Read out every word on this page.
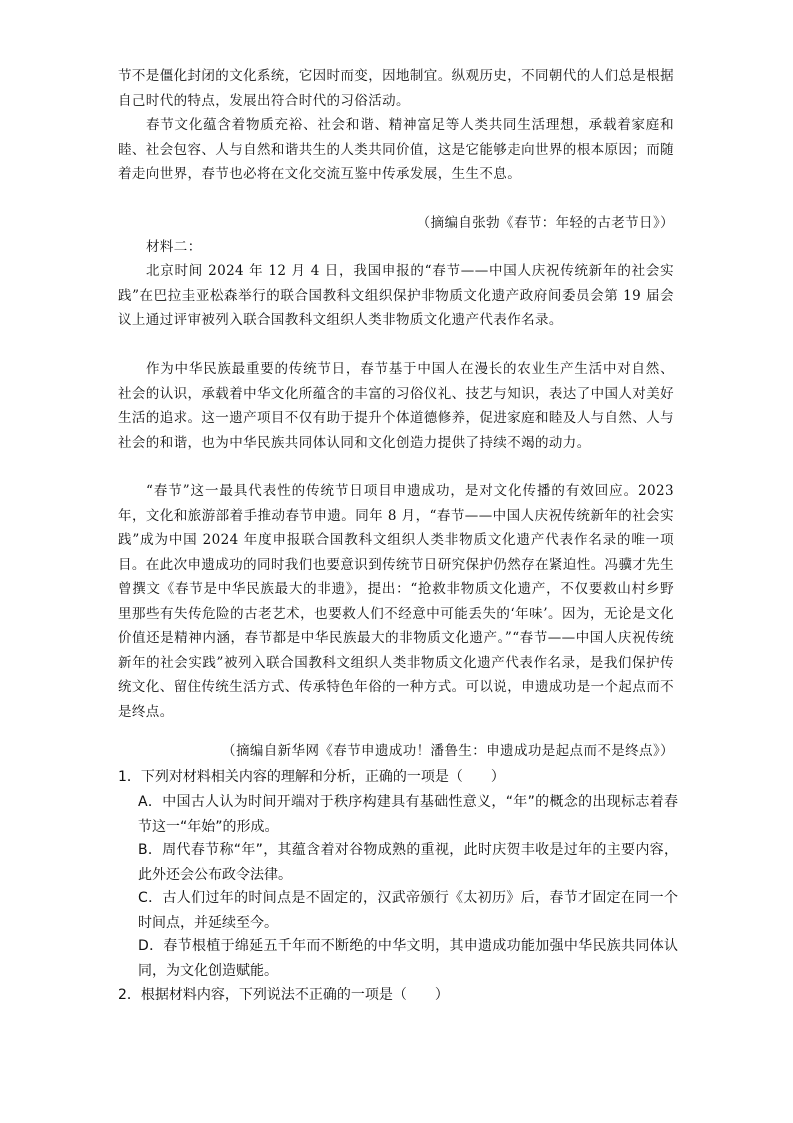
节不是僵化封闭的文化系统，它因时而变，因地制宜。纵观历史，不同朝代的人们总是根据自己时代的特点，发展出符合时代的习俗活动。

春节文化蕴含着物质充裕、社会和谐、精神富足等人类共同生活理想，承载着家庭和睦、社会包容、人与自然和谐共生的人类共同价值，这是它能够走向世界的根本原因；而随着走向世界，春节也必将在文化交流互鉴中传承发展，生生不息。

（摘编自张勃《春节：年轻的古老节日》）

材料二：

北京时间 2024 年 12 月 4 日，我国申报的“春节——中国人庆祝传统新年的社会实践”在巴拉圭亚松森举行的联合国教科文组织保护非物质文化遗产政府间委员会第 19 届会议上通过评审被列入联合国教科文组织人类非物质文化遗产代表作名录。

作为中华民族最重要的传统节日，春节基于中国人在漫长的农业生产生活中对自然、社会的认识，承载着中华文化所蕴含的丰富的习俗仪礼、技艺与知识，表达了中国人对美好生活的追求。这一遗产项目不仅有助于提升个体道德修养，促进家庭和睦及人与自然、人与社会的和谐，也为中华民族共同体认同和文化创造力提供了持续不竭的动力。

“春节”这一最具代表性的传统节日项目申遗成功，是对文化传播的有效回应。2023 年，文化和旅游部着手推动春节申遗。同年 8 月，“春节——中国人庆祝传统新年的社会实践”成为中国 2024 年度申报联合国教科文组织人类非物质文化遗产代表作名录的唯一项目。在此次申遗成功的同时我们也要意识到传统节日研究保护仍然存在紧迫性。冯骥才先生曾撰文《春节是中华民族最大的非遗》，提出：“抢救非物质文化遗产，不仅要救山村乡野里那些有失传危险的古老艺术，也要救人们不经意中可能丢失的‘年味’。因为，无论是文化价值还是精神内涵，春节都是中华民族最大的非物质文化遗产。”“春节——中国人庆祝传统新年的社会实践”被列入联合国教科文组织人类非物质文化遗产代表作名录，是我们保护传统文化、留住传统生活方式、传承特色年俗的一种方式。可以说，申遗成功是一个起点而不是终点。

（摘编自新华网《春节申遗成功！潘鲁生：申遗成功是起点而不是终点》）

1．下列对材料相关内容的理解和分析，正确的一项是（　　）

A．中国古人认为时间开端对于秩序构建具有基础性意义，“年”的概念的出现标志着春节这一“年始”的形成。

B．周代春节称“年”，其蕴含着对谷物成熟的重视，此时庆贺丰收是过年的主要内容，此外还会公布政令法律。

C．古人们过年的时间点是不固定的，汉武帝颁行《太初历》后，春节才固定在同一个时间点，并延续至今。

D．春节根植于绵延五千年而不断绝的中华文明，其申遗成功能加强中华民族共同体认同，为文化创造赋能。

2．根据材料内容，下列说法不正确的一项是（　　）
